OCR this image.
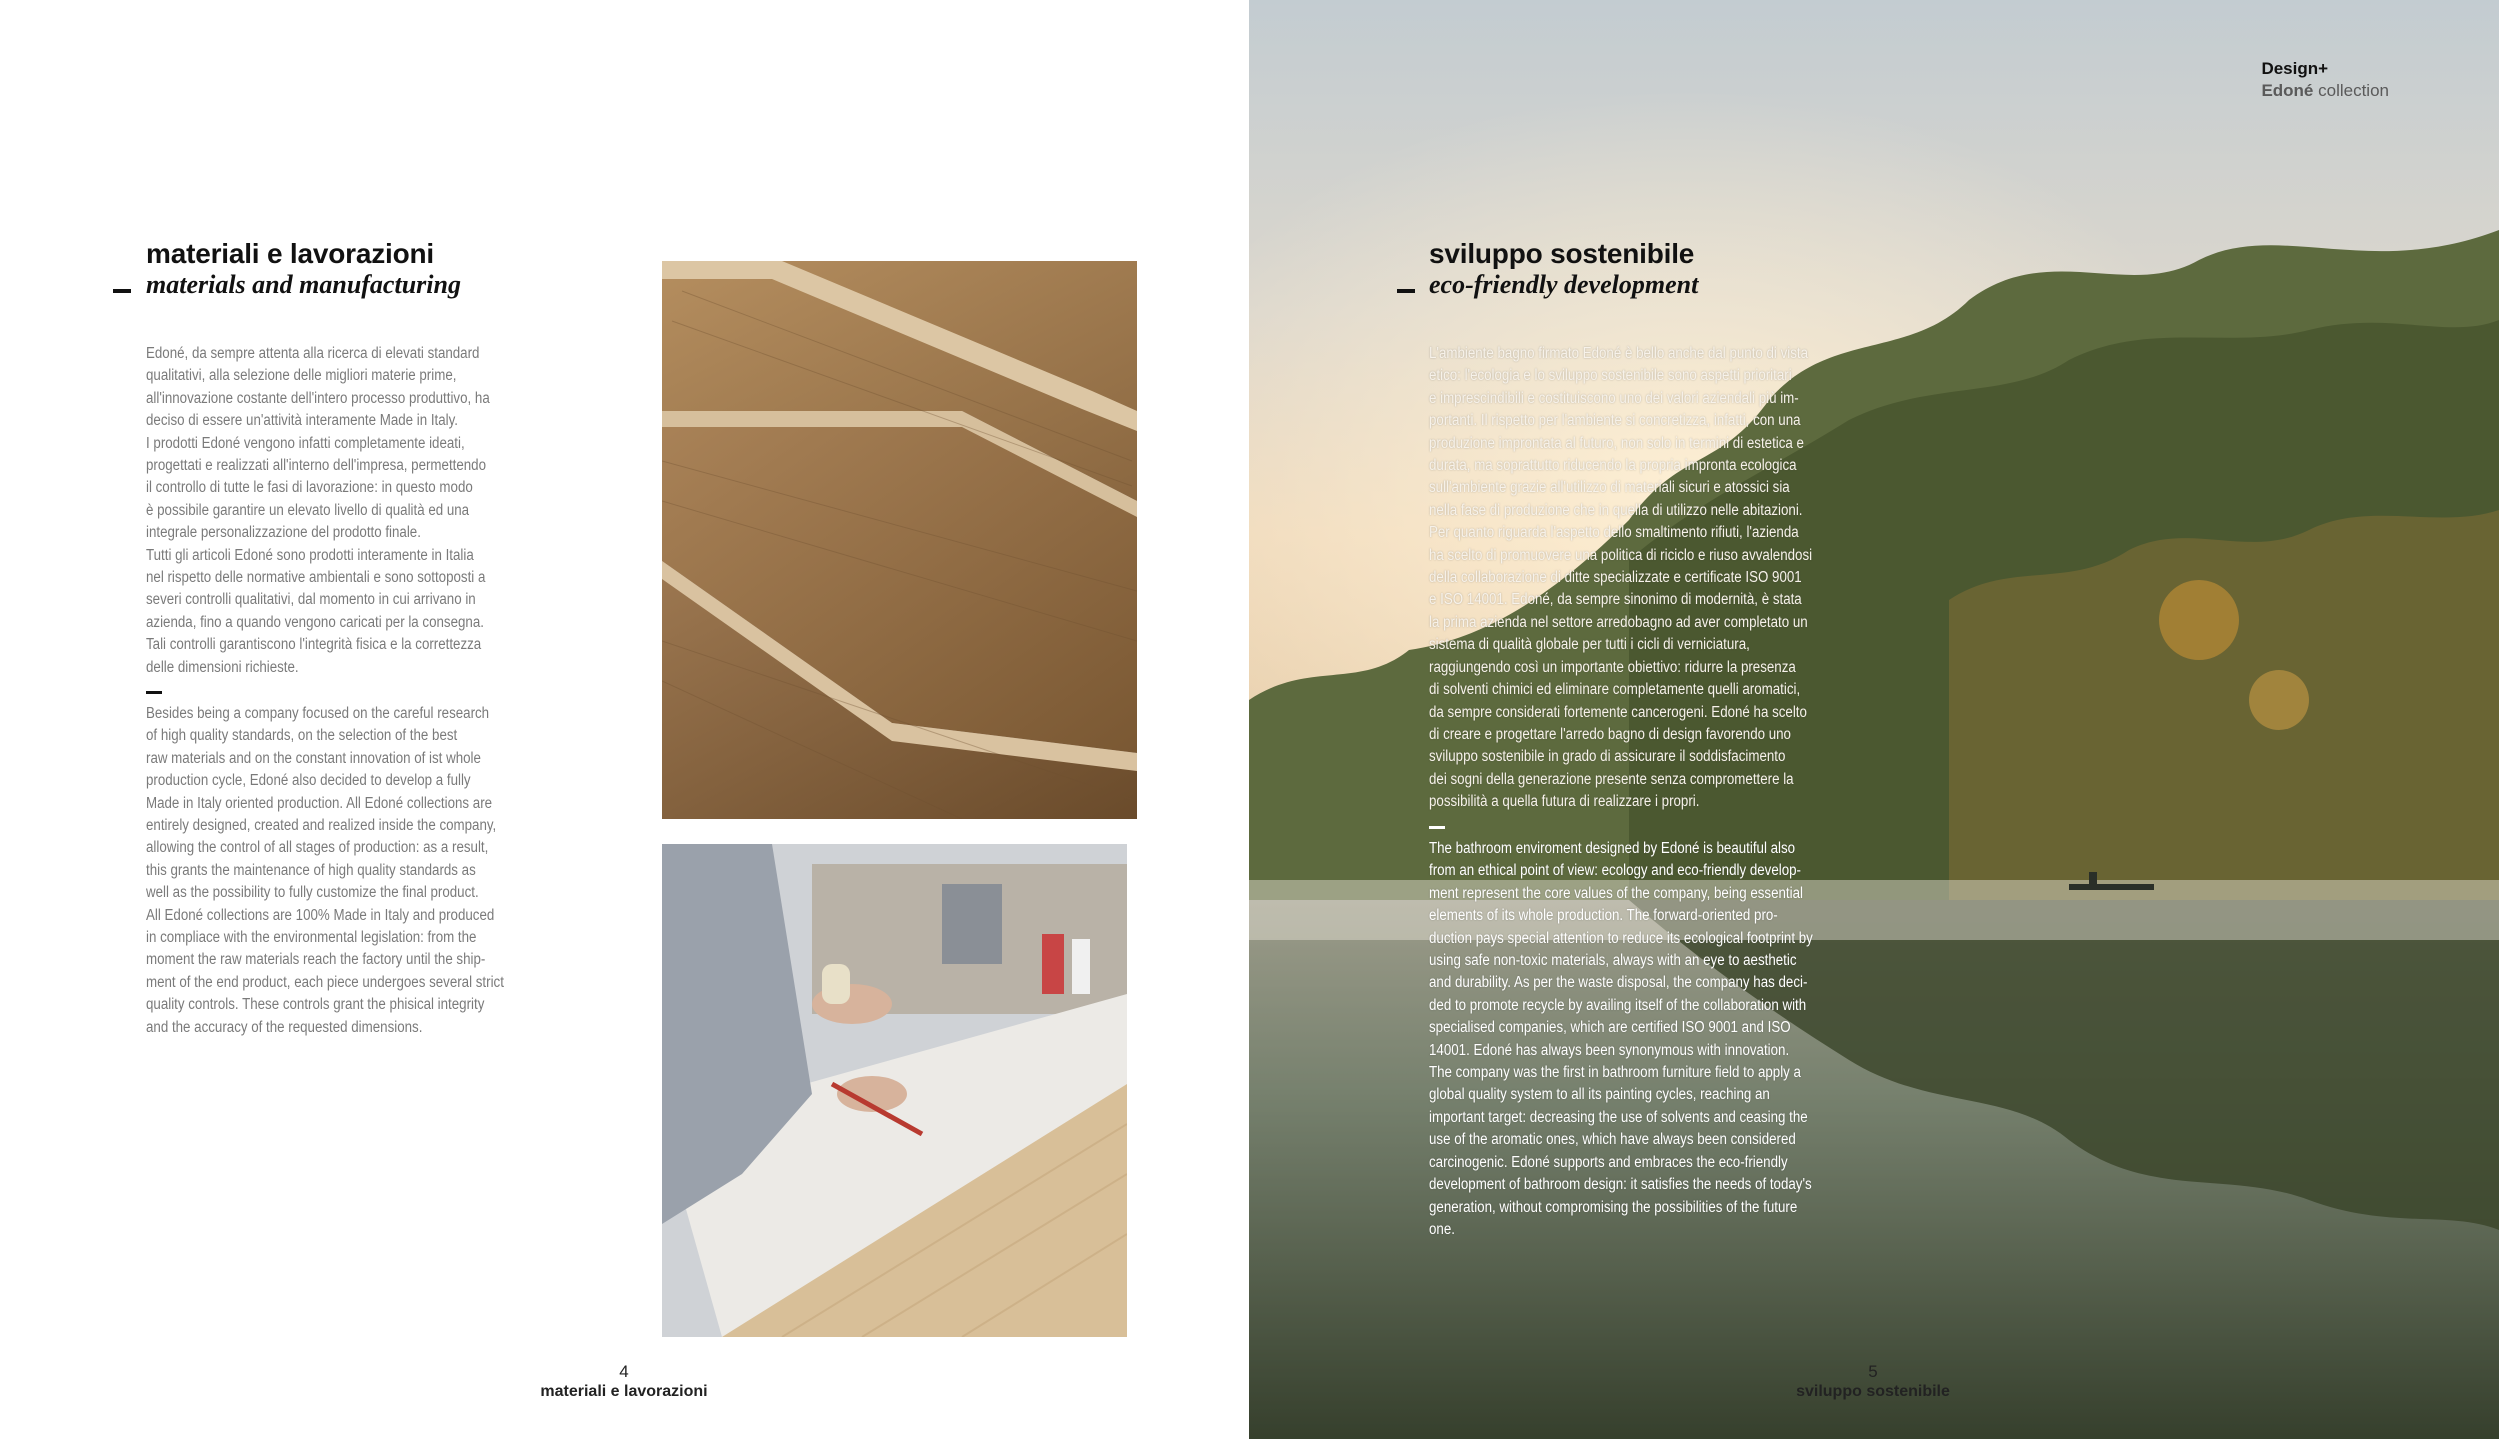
materiali e lavorazioni
materials and manufacturing
Edoné, da sempre attenta alla ricerca di elevati standard
qualitativi, alla selezione delle migliori materie prime,
all'innovazione costante dell'intero processo produttivo, ha
deciso di essere un'attività interamente Made in Italy.
I prodotti Edoné vengono infatti completamente ideati,
progettati e realizzati all'interno dell'impresa, permettendo
il controllo di tutte le fasi di lavorazione: in questo modo
è possibile garantire un elevato livello di qualità ed una
integrale personalizzazione del prodotto finale.
Tutti gli articoli Edoné sono prodotti interamente in Italia
nel rispetto delle normative ambientali e sono sottoposti a
severi controlli qualitativi, dal momento in cui arrivano in
azienda, fino a quando vengono caricati per la consegna.
Tali controlli garantiscono l'integrità fisica e la correttezza
delle dimensioni richieste.
Besides being a company focused on the careful research
of high quality standards, on the selection of the best
raw materials and on the constant innovation of ist whole
production cycle, Edoné also decided to develop a fully
Made in Italy oriented production. All Edoné collections are
entirely designed, created and realized inside the company,
allowing the control of all stages of production: as a result,
this grants the maintenance of high quality standards as
well as the possibility to fully customize the final product.
All Edoné collections are 100% Made in Italy and produced
in compliace with the environmental legislation: from the
moment the raw materials reach the factory until the ship-
ment of the end product, each piece undergoes several strict
quality controls. These controls grant the phisical integrity
and the accuracy of the requested dimensions.
4
materiali e lavorazioni
Design+
Edoné collection
sviluppo sostenibile
eco-friendly development
L'ambiente bagno firmato Edoné è bello anche dal punto di vista
etico: l'ecologia e lo sviluppo sostenibile sono aspetti prioritari
e imprescindibili e costituiscono uno dei valori aziendali più im-
portanti. Il rispetto per l'ambiente si concretizza, infatti, con una
produzione improntata al futuro, non solo in termini di estetica e
durata, ma soprattutto riducendo la propria impronta ecologica
sull'ambiente grazie all'utilizzo di materiali sicuri e atossici sia
nella fase di produzione che in quella di utilizzo nelle abitazioni.
Per quanto riguarda l'aspetto dello smaltimento rifiuti, l'azienda
ha scelto di promuovere una politica di riciclo e riuso avvalendosi
della collaborazione di ditte specializzate e certificate ISO 9001
e ISO 14001. Edoné, da sempre sinonimo di modernità, è stata
la prima azienda nel settore arredobagno ad aver completato un
sistema di qualità globale per tutti i cicli di verniciatura,
raggiungendo così un importante obiettivo: ridurre la presenza
di solventi chimici ed eliminare completamente quelli aromatici,
da sempre considerati fortemente cancerogeni. Edoné ha scelto
di creare e progettare l'arredo bagno di design favorendo uno
sviluppo sostenibile in grado di assicurare il soddisfacimento
dei sogni della generazione presente senza compromettere la
possibilità a quella futura di realizzare i propri.
The bathroom enviroment designed by Edoné is beautiful also
from an ethical point of view: ecology and eco-friendly develop-
ment represent the core values of the company, being essential
elements of its whole production. The forward-oriented pro-
duction pays special attention to reduce its ecological footprint by
using safe non-toxic materials, always with an eye to aesthetic
and durability. As per the waste disposal, the company has deci-
ded to promote recycle by availing itself of the collaboration with
specialised companies, which are certified ISO 9001 and ISO
14001. Edoné has always been synonymous with innovation.
The company was the first in bathroom furniture field to apply a
global quality system to all its painting cycles, reaching an
important target: decreasing the use of solvents and ceasing the
use of the aromatic ones, which have always been considered
carcinogenic. Edoné supports and embraces the eco-friendly
development of bathroom design: it satisfies the needs of today's
generation, without compromising the possibilities of the future
one.
5
sviluppo sostenibile
